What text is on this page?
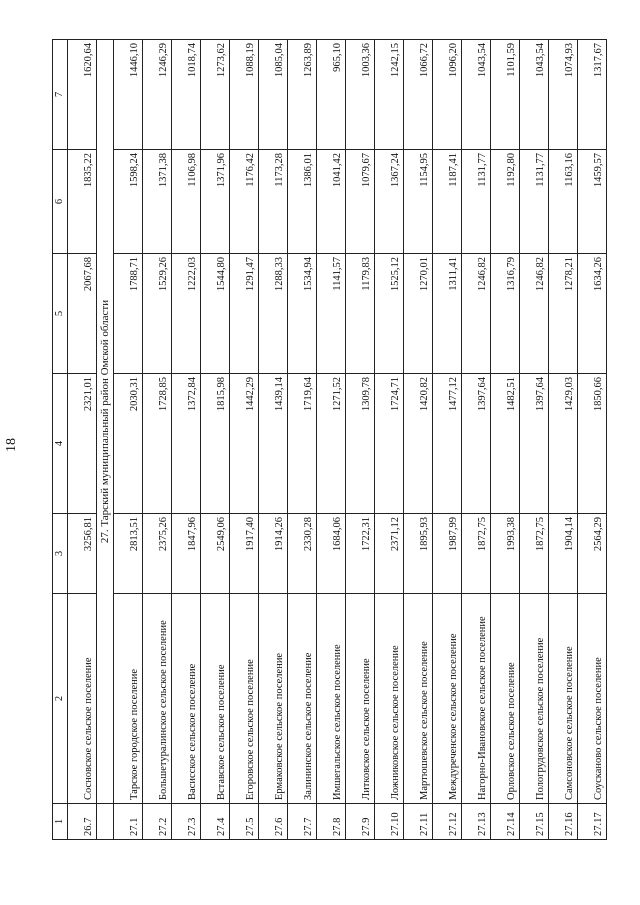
18
1	2	3	4	5	6	7
26.7	Сосновское сельское поселение	3256,81	2321,01	2067,68	1835,22	1620,64
	27. Тарский муниципальный район Омской области					
27.1	Тарское городское поселение	2813,51	2030,31	1788,71	1598,24	1446,10
27.2	Большетуралинское сельское поселение	2375,26	1728,85	1529,26	1371,38	1246,29
27.3	Васисское сельское поселение	1847,96	1372,84	1222,03	1106,98	1018,74
27.4	Вставское сельское поселение	2549,06	1815,98	1544,80	1371,96	1273,62
27.5	Егоровское сельское поселение	1917,40	1442,29	1291,47	1176,42	1088,19
27.6	Ермаковское сельское поселение	1914,26	1439,14	1288,33	1173,28	1085,04
27.7	Залининское сельское поселение	2330,28	1719,64	1534,94	1386,01	1263,89
27.8	Имшегальское сельское поселение	1684,06	1271,52	1141,57	1041,42	965,10
27.9	Литковское сельское поселение	1722,31	1309,78	1179,83	1079,67	1003,36
27.10	Ложниковское сельское поселение	2371,12	1724,71	1525,12	1367,24	1242,15
27.11	Мартюшевское сельское поселение	1895,93	1420,82	1270,01	1154,95	1066,72
27.12	Междуреченское сельское поселение	1987,99	1477,12	1311,41	1187,41	1096,20
27.13	Нагорно-Ивановское сельское поселение	1872,75	1397,64	1246,82	1131,77	1043,54
27.14	Орловское сельское поселение	1993,38	1482,51	1316,79	1192,80	1101,59
27.15	Пологрудовское сельское поселение	1872,75	1397,64	1246,82	1131,77	1043,54
27.16	Самсоновское сельское поселение	1904,14	1429,03	1278,21	1163,16	1074,93
27.17	Соусканово сельское поселение	2564,29	1850,66	1634,26	1459,57	1317,67
